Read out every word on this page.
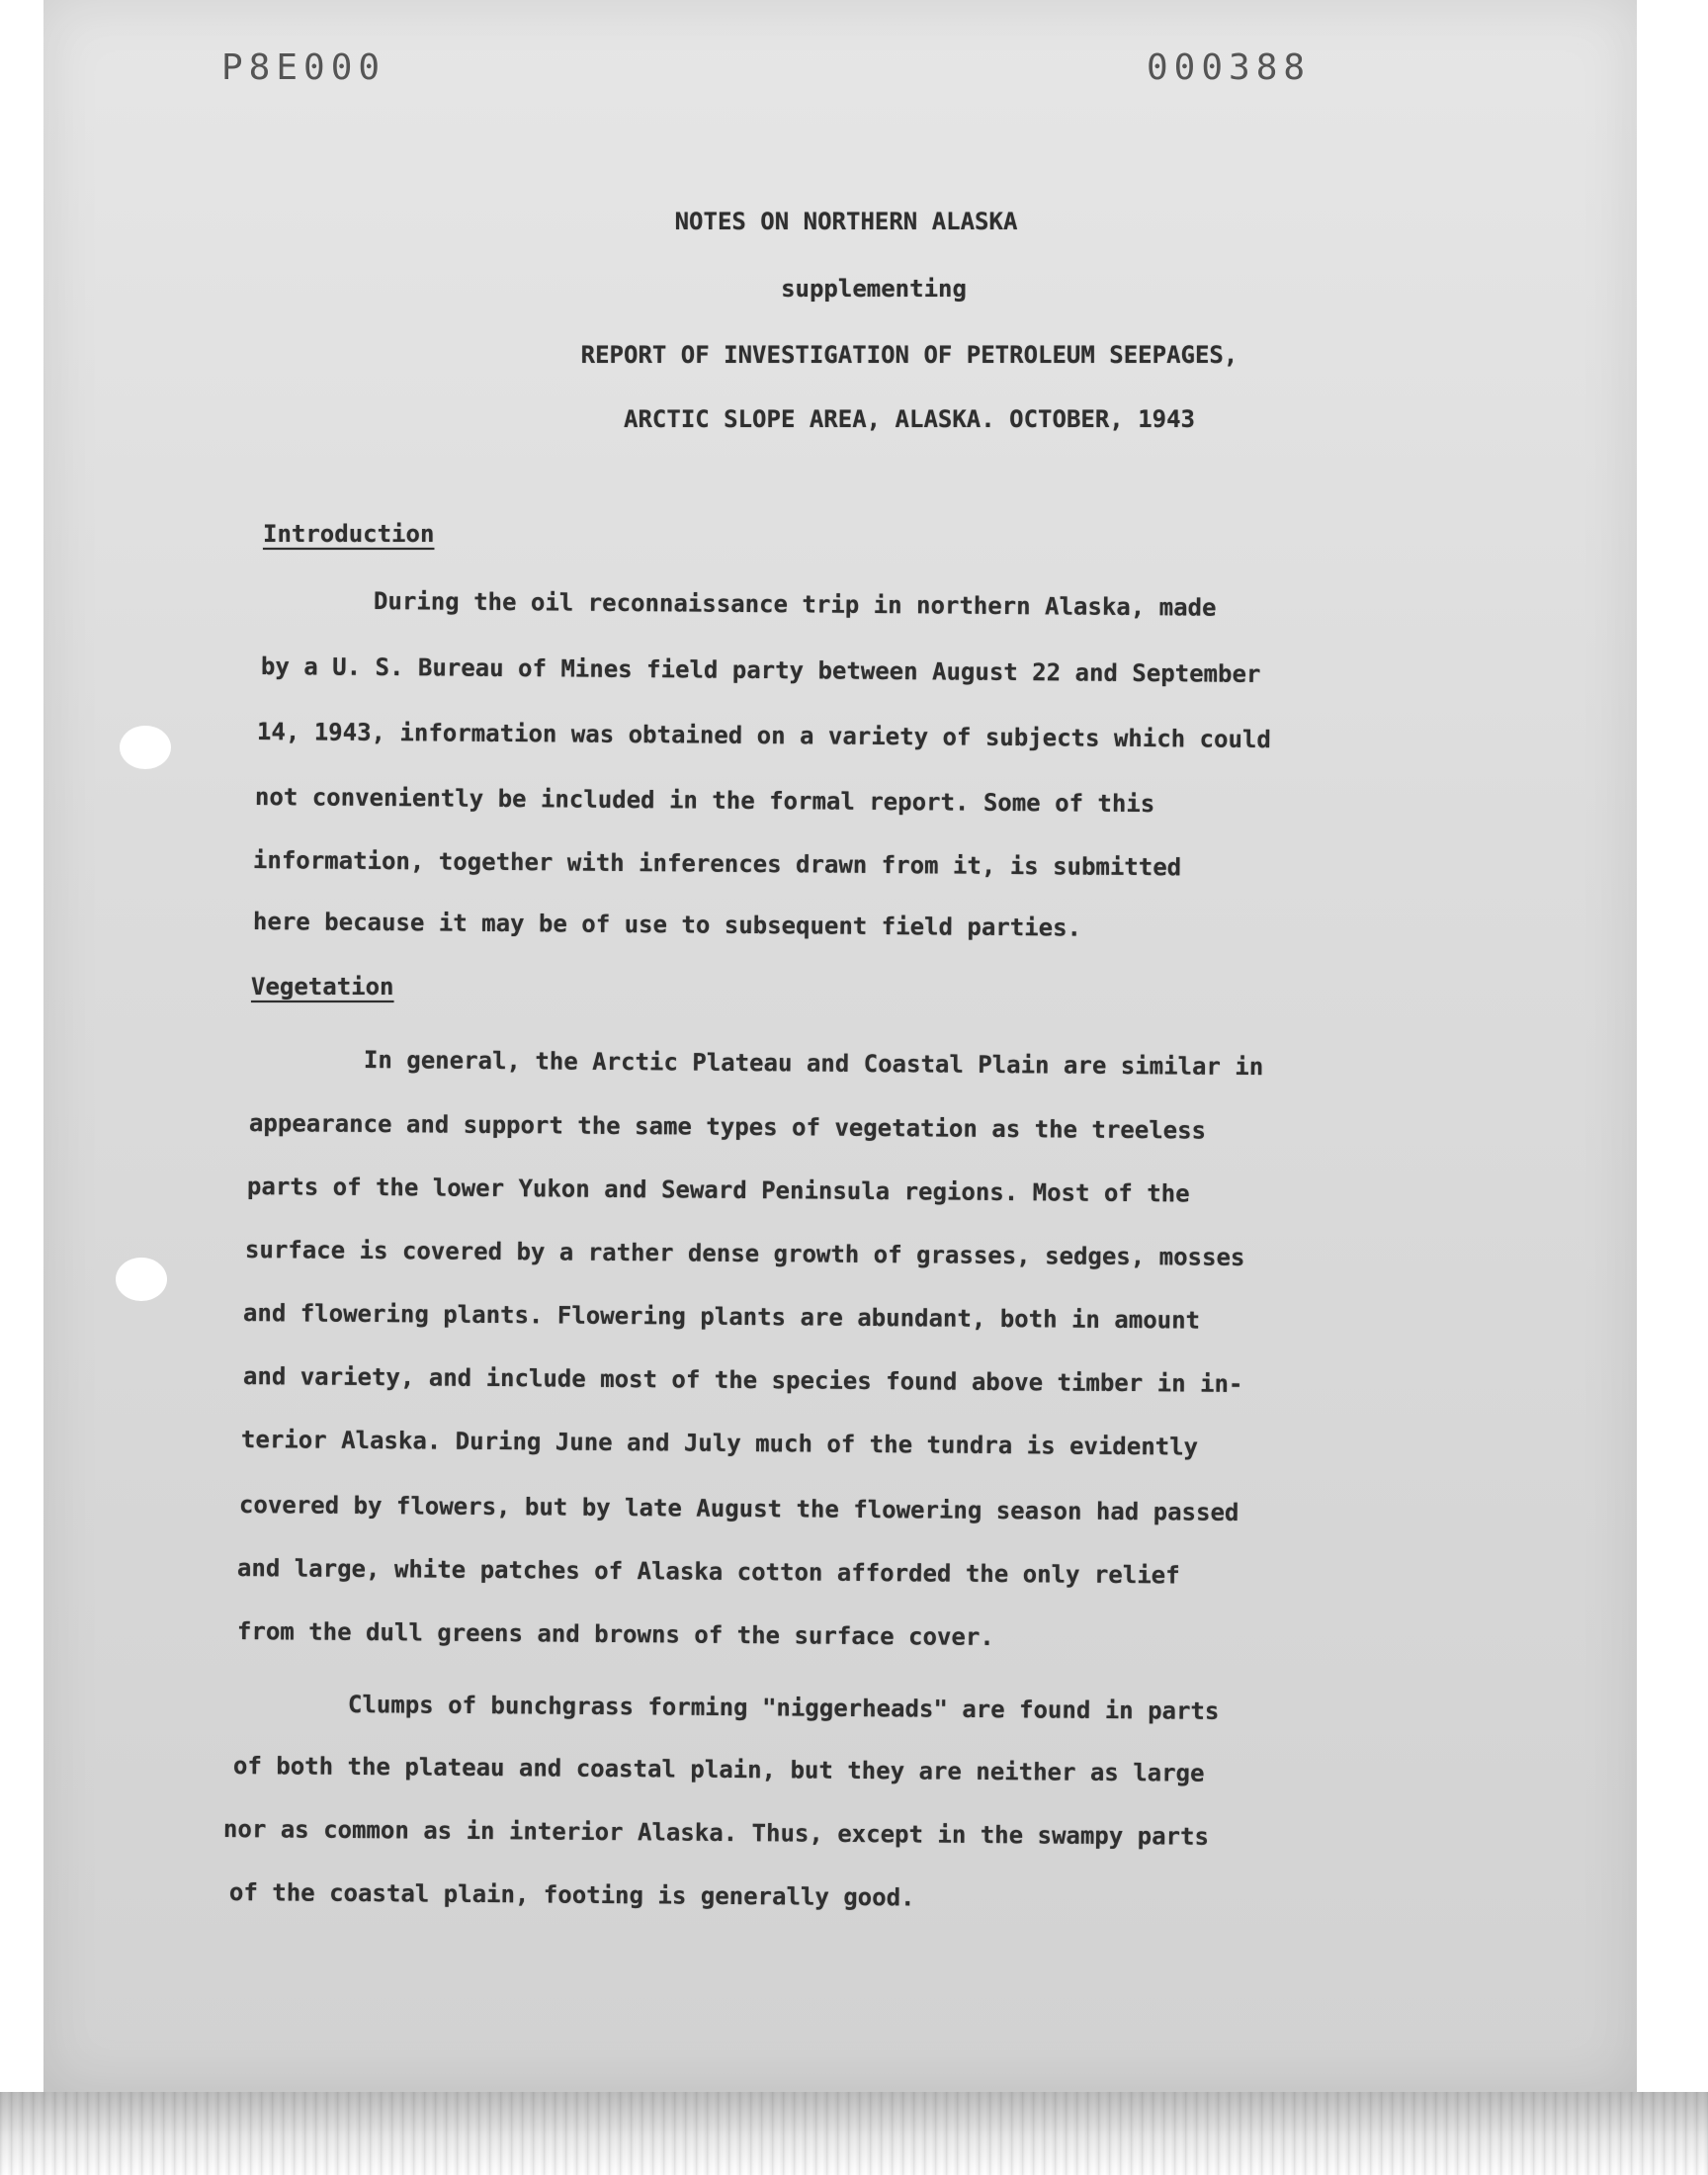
P8E000	000388
NOTES ON NORTHERN ALASKA
supplementing
REPORT OF INVESTIGATION OF PETROLEUM SEEPAGES,
ARCTIC SLOPE AREA, ALASKA. OCTOBER, 1943
Introduction
During the oil reconnaissance trip in northern Alaska, made
by a U. S. Bureau of Mines field party between August 22 and September
14, 1943, information was obtained on a variety of subjects which could
not conveniently be included in the formal report. Some of this
information, together with inferences drawn from it, is submitted
here because it may be of use to subsequent field parties.
Vegetation
In general, the Arctic Plateau and Coastal Plain are similar in
appearance and support the same types of vegetation as the treeless
parts of the lower Yukon and Seward Peninsula regions. Most of the
surface is covered by a rather dense growth of grasses, sedges, mosses
and flowering plants. Flowering plants are abundant, both in amount
and variety, and include most of the species found above timber in in-
terior Alaska. During June and July much of the tundra is evidently
covered by flowers, but by late August the flowering season had passed
and large, white patches of Alaska cotton afforded the only relief
from the dull greens and browns of the surface cover.
Clumps of bunchgrass forming "niggerheads" are found in parts
of both the plateau and coastal plain, but they are neither as large
nor as common as in interior Alaska. Thus, except in the swampy parts
of the coastal plain, footing is generally good.
